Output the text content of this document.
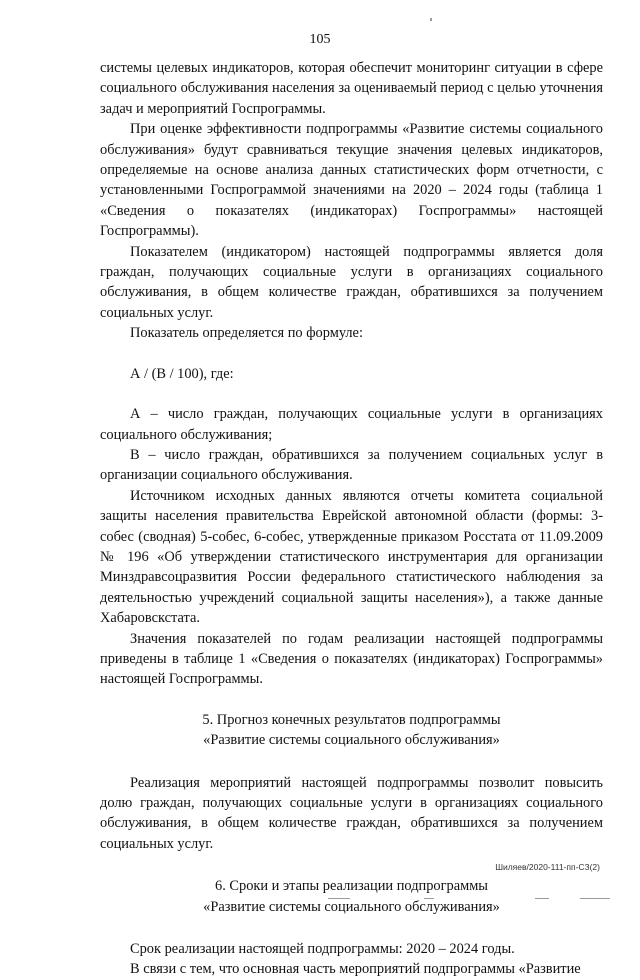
105

системы целевых индикаторов, которая обеспечит мониторинг ситуации в сфере социального обслуживания населения за оцениваемый период с целью уточнения задач и мероприятий Госпрограммы.

При оценке эффективности подпрограммы «Развитие системы социального обслуживания» будут сравниваться текущие значения целевых индикаторов, определяемые на основе анализа данных статистических форм отчетности, с установленными Госпрограммой значениями на 2020 – 2024 годы (таблица 1 «Сведения о показателях (индикаторах) Госпрограммы» настоящей Госпрограммы).

Показателем (индикатором) настоящей подпрограммы является доля граждан, получающих социальные услуги в организациях социального обслуживания, в общем количестве граждан, обратившихся за получением социальных услуг.

Показатель определяется по формуле:

А / (В / 100), где:

А – число граждан, получающих социальные услуги в организациях социального обслуживания;

В – число граждан, обратившихся за получением социальных услуг в организации социального обслуживания.

Источником исходных данных являются отчеты комитета социальной защиты населения правительства Еврейской автономной области (формы: 3-собес (сводная) 5-собес, 6-собес, утвержденные приказом Росстата от 11.09.2009 № 196 «Об утверждении статистического инструментария для организации Минздравсоцразвития России федерального статистического наблюдения за деятельностью учреждений социальной защиты населения»), а также данные Хабаровскстата.

Значения показателей по годам реализации настоящей подпрограммы приведены в таблице 1 «Сведения о показателях (индикаторах) Госпрограммы» настоящей Госпрограммы.

5. Прогноз конечных результатов подпрограммы

«Развитие системы социального обслуживания»

Реализация мероприятий настоящей подпрограммы позволит повысить долю граждан, получающих социальные услуги в организациях социального обслуживания, в общем количестве граждан, обратившихся за получением социальных услуг.

6. Сроки и этапы реализации подпрограммы

«Развитие системы социального обслуживания»

Срок реализации настоящей подпрограммы: 2020 – 2024 годы.

В связи с тем, что основная часть мероприятий подпрограммы «Развитие

Шиляев/2020-111-пп-СЗ(2)
